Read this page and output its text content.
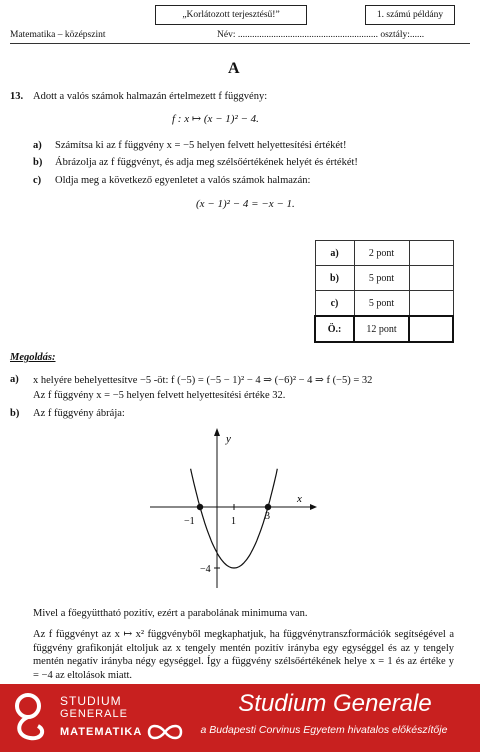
„Korlátozott terjesztésű!”	1. számú példány
Matematika – középszint	Név: ........................................................... osztály:......
A
13. Adott a valós számok halmazán értelmezett f függvény:
f : x ↦ (x − 1)² − 4.
a) Számítsa ki az f függvény x = −5 helyen felvett helyettesítési értékét!
b) Ábrázolja az f függvényt, és adja meg szélsőértékének helyét és értékét!
c) Oldja meg a következő egyenletet a valós számok halmazán:
(x − 1)² − 4 = −x − 1.
a)	2 pont	
b)	5 pont	
c)	5 pont	
Ö.:	12 pont	
Megoldás:
a) x helyére behelyettesítve −5 -öt: f (−5) = (−5 − 1)² − 4 ⇒ (−6)² − 4 ⇒ f (−5) = 32
Az f függvény x = −5 helyen felvett helyettesítési értéke 32.
b) Az f függvény ábrája:
y
x
−1	1	3
−4
Mivel a főegyüttható pozitív, ezért a parabolának minimuma van.
Az f függvényt az x ↦ x² függvényből megkaphatjuk, ha függvénytranszformációk segítségével a függvény grafikonját eltoljuk az x tengely mentén pozitív irányba egy egységgel és az y tengely mentén negatív irányba négy egységgel. Így a függvény szélsőértékének helye x = 1 és az értéke y = −4 az eltolások miatt.
STUDIUM
GENERALE
MATEMATIKA
Studium Generale
a Budapesti Corvinus Egyetem hivatalos előkészítője
